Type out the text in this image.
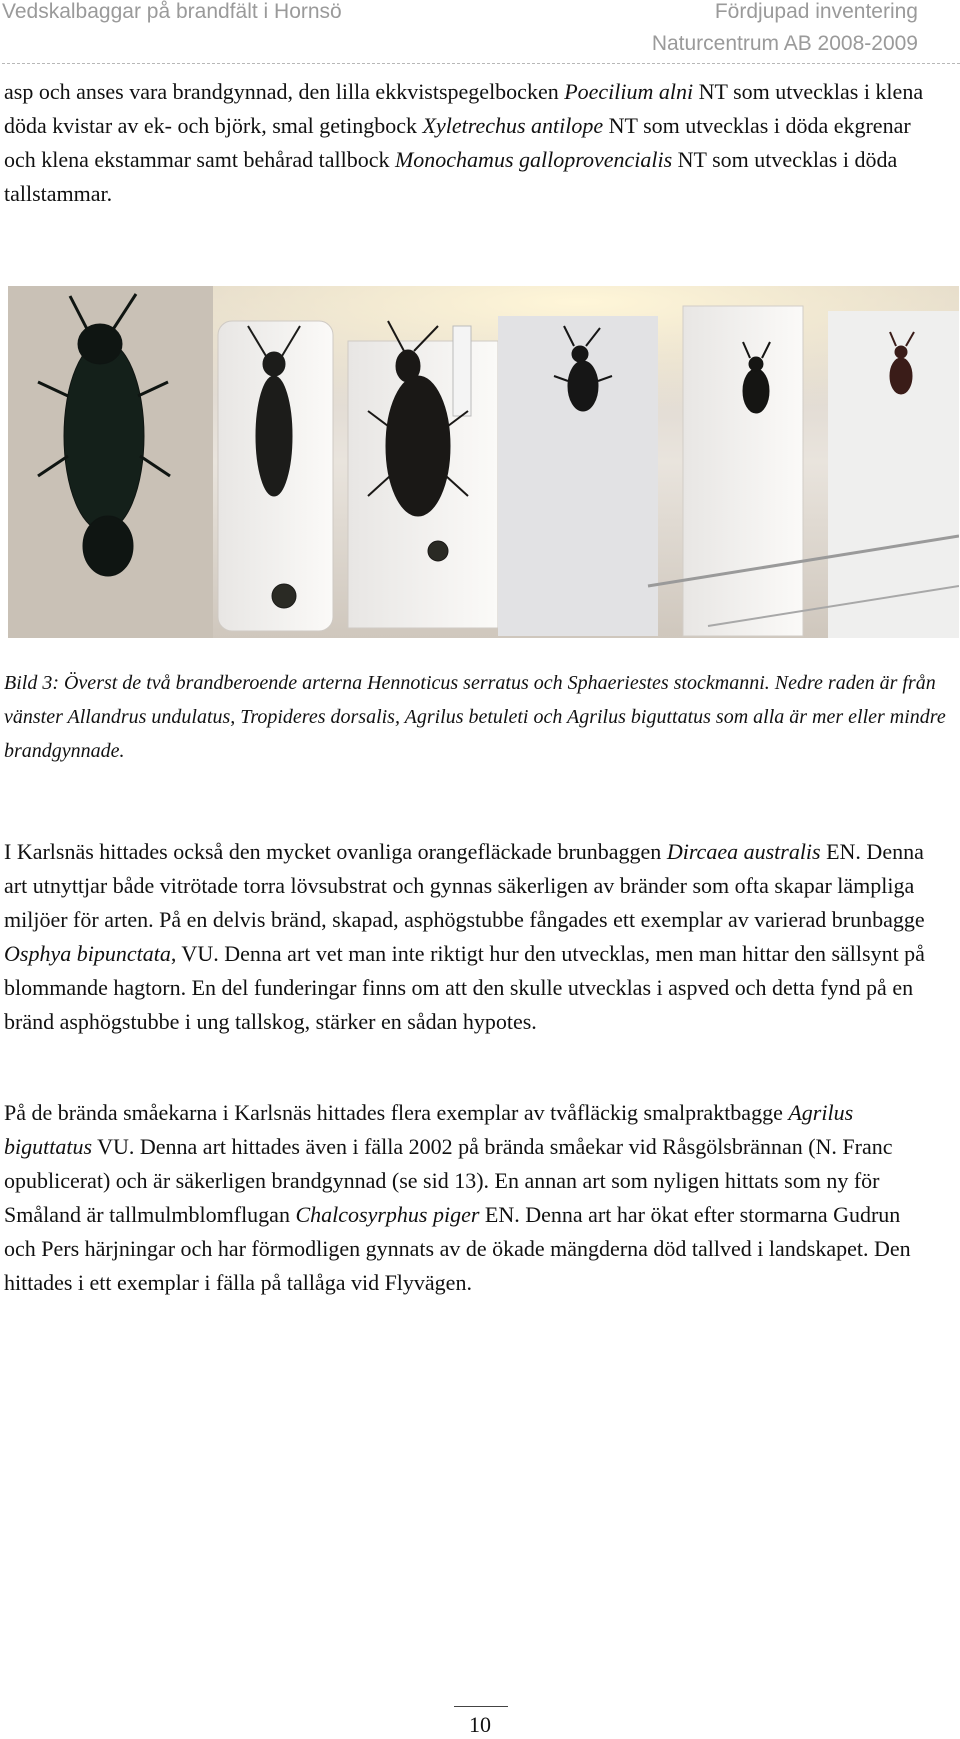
Vedskalbaggar på brandfält i Hornsö	Fördjupad inventering
Naturcentrum AB 2008-2009

asp och anses vara brandgynnad, den lilla ekkvistspegelbocken Poecilium alni NT som utvecklas i klena döda kvistar av ek- och björk, smal getingbock Xyletrechus antilope NT som utvecklas i döda ekgrenar och klena ekstammar samt behårad tallbock Monochamus galloprovencialis NT som utvecklas i döda tallstammar.

Bild 3: Överst de två brandberoende arterna Hennoticus serratus och Sphaeriestes stockmanni. Nedre raden är från vänster Allandrus undulatus, Tropideres dorsalis, Agrilus betuleti och Agrilus biguttatus som alla är mer eller mindre brandgynnade.

I Karlsnäs hittades också den mycket ovanliga orangefläckade brunbaggen Dircaea australis EN. Denna art utnyttjar både vitrötade torra lövsubstrat och gynnas säkerligen av bränder som ofta skapar lämpliga miljöer för arten. På en delvis bränd, skapad, asphögstubbe fångades ett exemplar av varierad brunbagge Osphya bipunctata, VU. Denna art vet man inte riktigt hur den utvecklas, men man hittar den sällsynt på blommande hagtorn. En del funderingar finns om att den skulle utvecklas i aspved och detta fynd på en bränd asphögstubbe i ung tallskog, stärker en sådan hypotes.

På de brända småekarna i Karlsnäs hittades flera exemplar av tvåfläckig smalpraktbagge Agrilus biguttatus VU. Denna art hittades även i fälla 2002 på brända småekar vid Råsgölsbrännan (N. Franc opublicerat) och är säkerligen brandgynnad (se sid 13). En annan art som nyligen hittats som ny för Småland är tallmulmblomflugan Chalcosyrphus piger EN. Denna art har ökat efter stormarna Gudrun och Pers härjningar och har förmodligen gynnats av de ökade mängderna död tallved i landskapet. Den hittades i ett exemplar i fälla på tallåga vid Flyvägen.

10
